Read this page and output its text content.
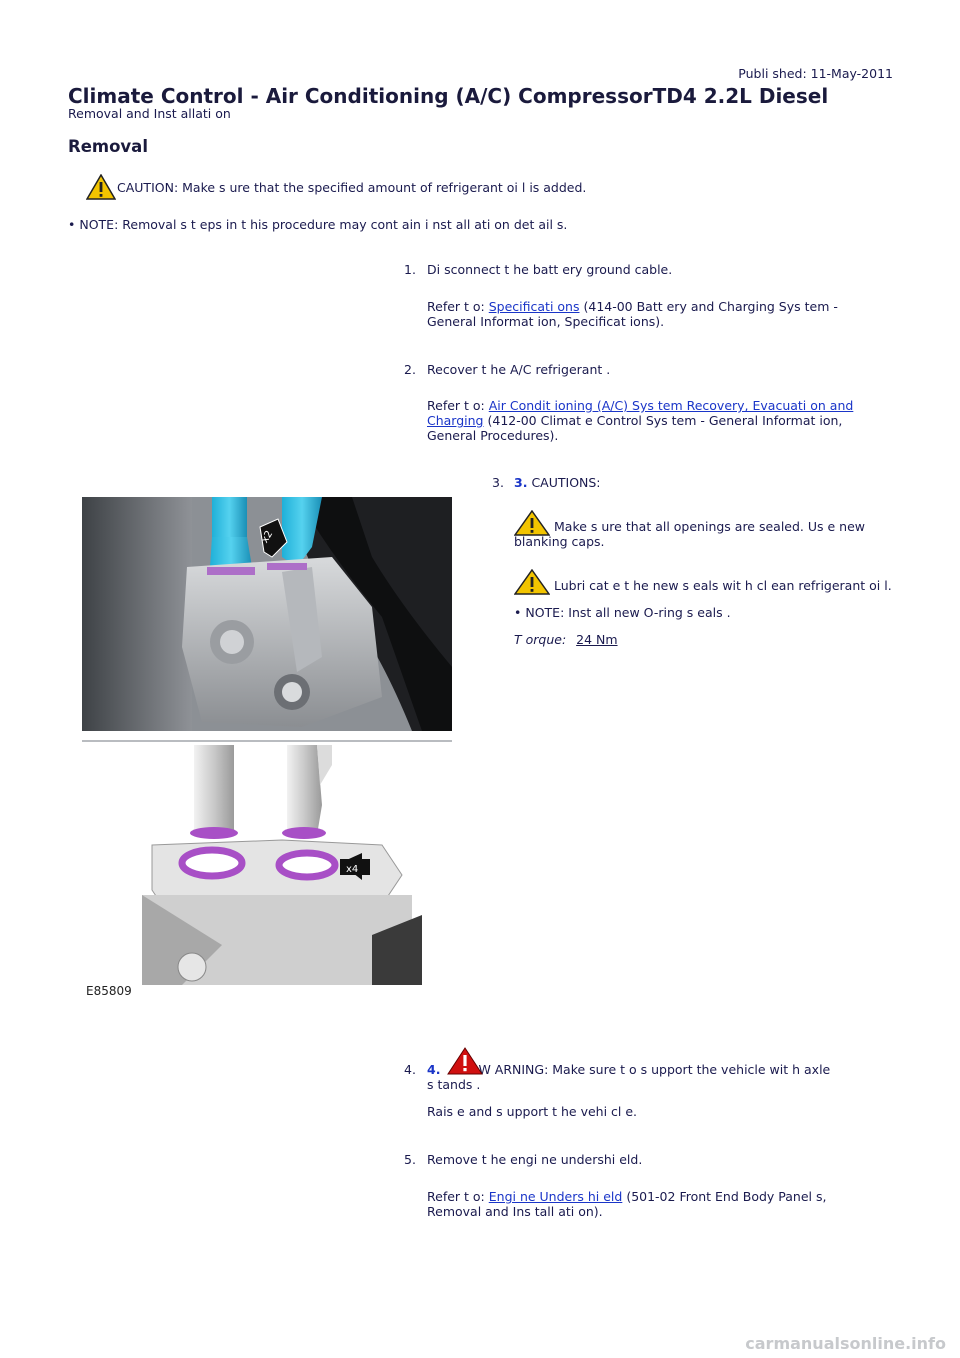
Publi shed: 11-May-2011
Climate Control - Air Conditioning (A/C) CompressorTD4 2.2L Diesel
Removal and Inst allati on
Removal
CAUTION: Make s ure that the specified amount of refrigerant oi l is added.
• NOTE: Removal s t eps in t his procedure may cont ain i nst all ati on det ail s.
1. Di sconnect t he batt ery ground cable.
Refer t o: Specificati ons (414-00 Batt ery and Charging Sys tem -
General Informat ion, Specificat ions).
2. Recover t he A/C refrigerant .
Refer t o: Air Condit ioning (A/C) Sys tem Recovery, Evacuati on and
Charging (412-00 Climat e Control Sys tem - General Informat ion,
General Procedures).
3. 3. CAUTIONS:
Make s ure that all openings are sealed. Us e new
blanking caps.
Lubri cat e t he new s eals wit h cl ean refrigerant oi l.
• NOTE: Inst all new O-ring s eals .
T orque: 24 Nm
x2
x4
E85809
4. 4.	W ARNING: Make sure t o s upport the vehicle wit h axle
s tands .
Rais e and s upport t he vehi cl e.
5. Remove t he engi ne undershi eld.
Refer t o: Engi ne Unders hi eld (501-02 Front End Body Panel s,
Removal and Ins tall ati on).
carmanualsonline.info
